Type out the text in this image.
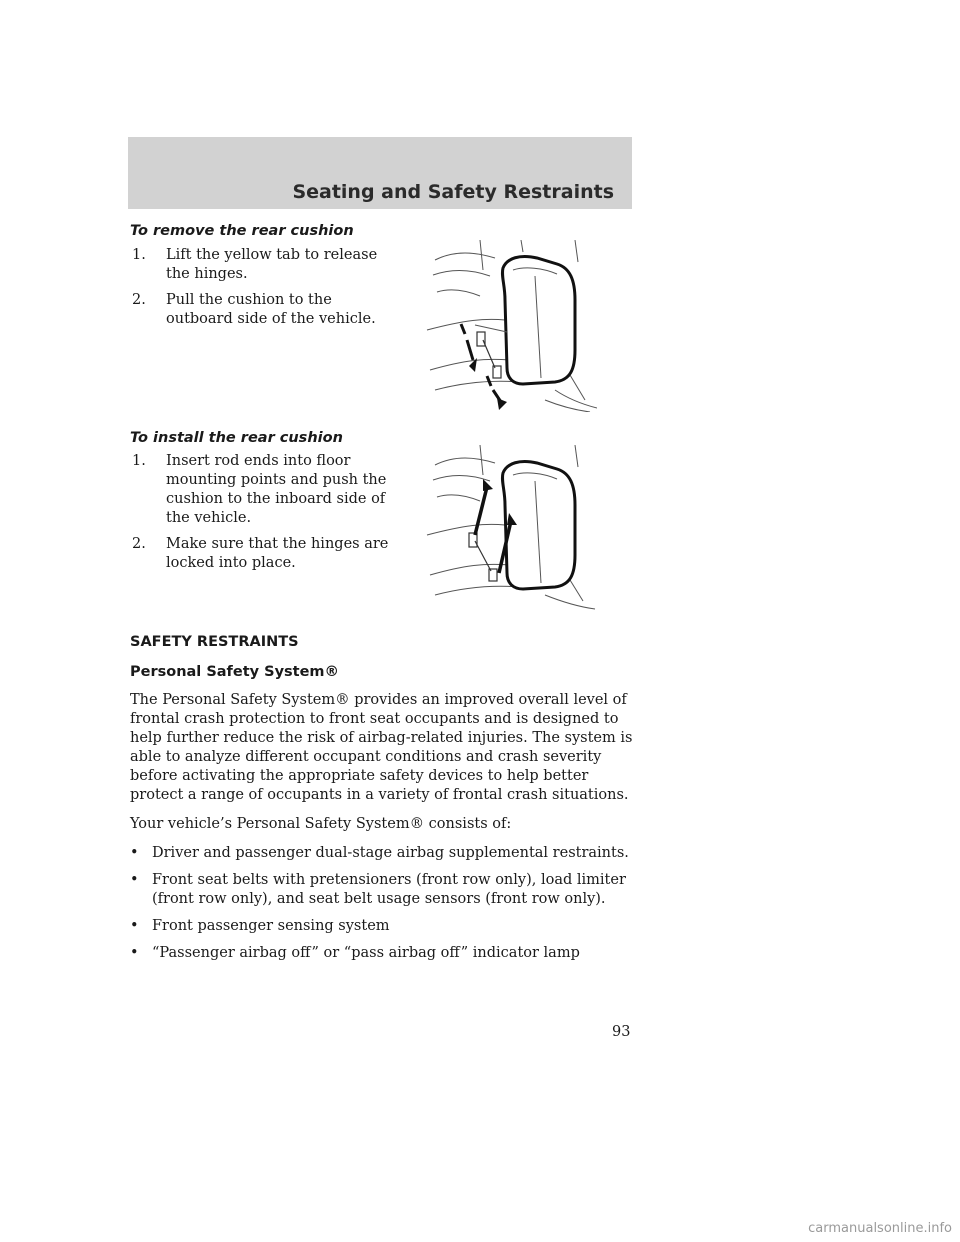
Seating and Safety Restraints
To remove the rear cushion
1. Lift the yellow tab to release the hinges.
2. Pull the cushion to the outboard side of the vehicle.
To install the rear cushion
1. Insert rod ends into floor mounting points and push the cushion to the inboard side of the vehicle.
2. Make sure that the hinges are locked into place.
SAFETY RESTRAINTS
Personal Safety System®

The Personal Safety System® provides an improved overall level of frontal crash protection to front seat occupants and is designed to help further reduce the risk of airbag-related injuries. The system is able to analyze different occupant conditions and crash severity before activating the appropriate safety devices to help better protect a range of occupants in a variety of frontal crash situations.

Your vehicle’s Personal Safety System® consists of:

• Driver and passenger dual-stage airbag supplemental restraints.
• Front seat belts with pretensioners (front row only), load limiter (front row only), and seat belt usage sensors (front row only).
• Front passenger sensing system
• “Passenger airbag off” or “pass airbag off” indicator lamp
93
carmanualsonline.info
